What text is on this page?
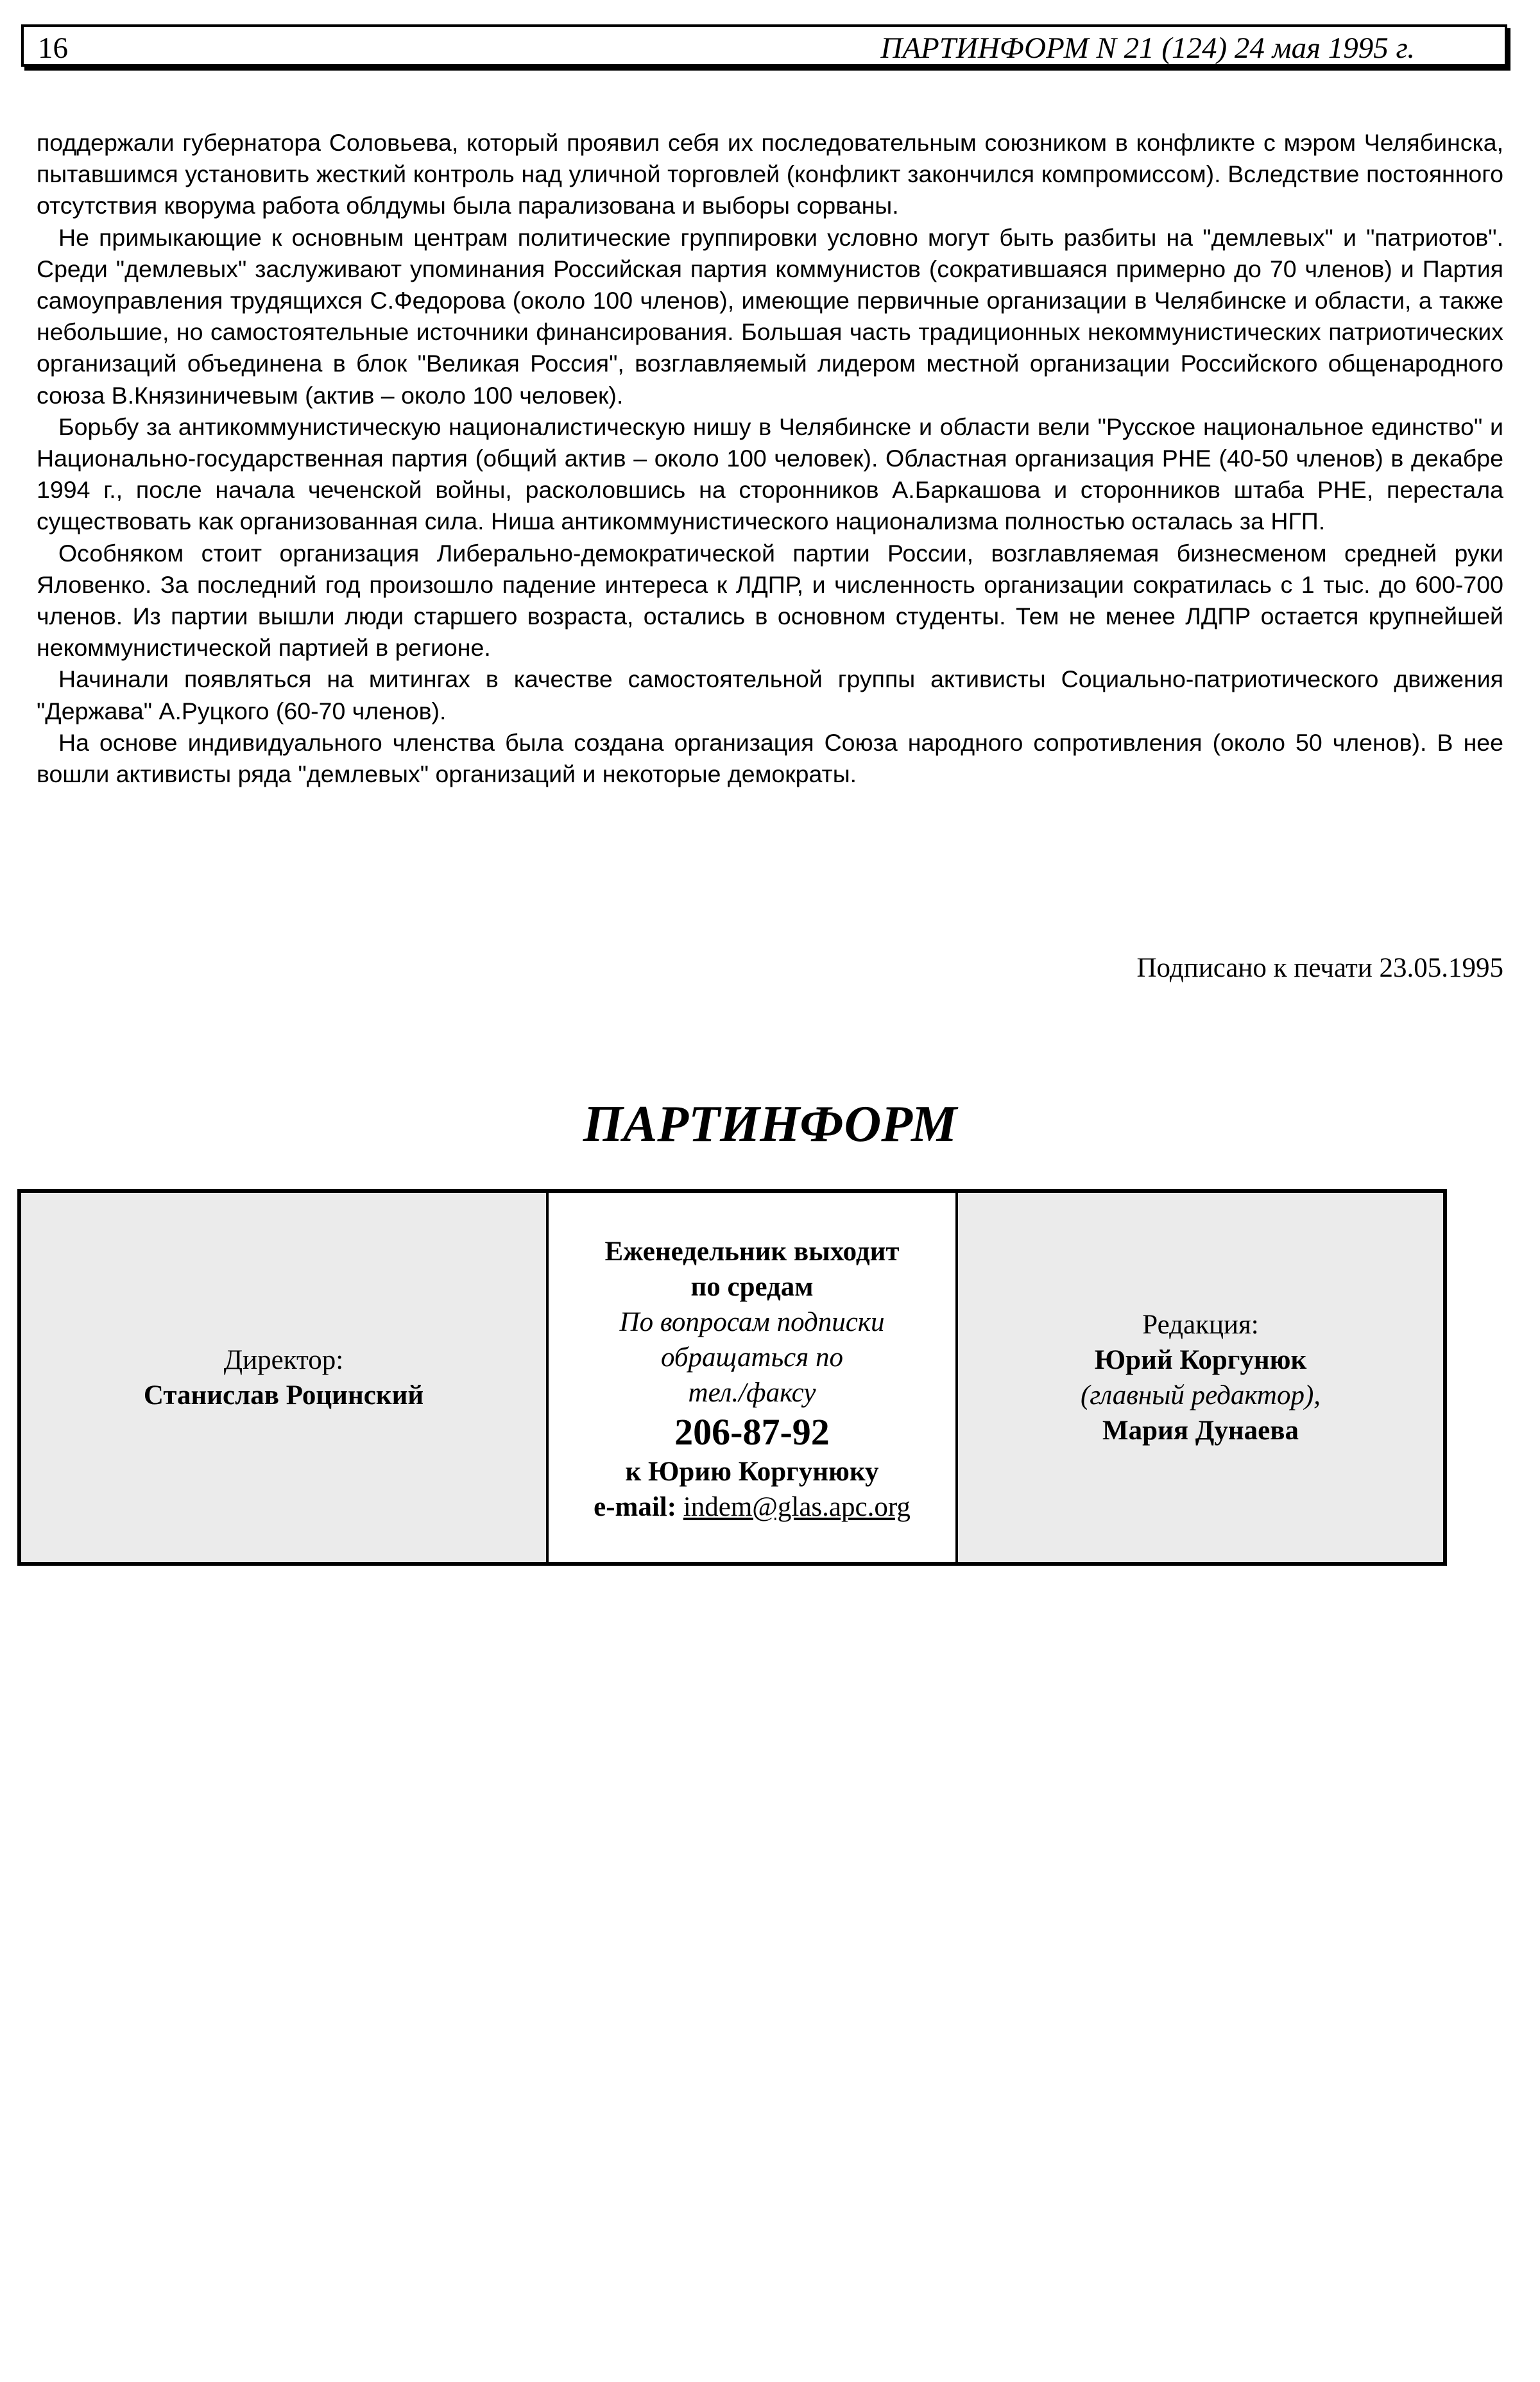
16	ПАРТИНФОРМ N 21 (124) 24 мая 1995 г.

поддержали губернатора Соловьева, который проявил себя их последовательным союзником в конфликте с мэром Челябинска, пытавшимся установить жесткий контроль над уличной торговлей (конфликт закончился компромиссом). Вследствие постоянного отсутствия кворума работа облдумы была парализована и выборы сорваны.

Не примыкающие к основным центрам политические группировки условно могут быть разбиты на "демлевых" и "патриотов". Среди "демлевых" заслуживают упоминания Российская партия коммунистов (сократившаяся примерно до 70 членов) и Партия самоуправления трудящихся С.Федорова (около 100 членов), имеющие первичные организации в Челябинске и области, а также небольшие, но самостоятельные источники финансирования. Большая часть традиционных некоммунистических патриотических организаций объединена в блок "Великая Россия", возглавляемый лидером местной организации Российского общенародного союза В.Князиничевым (актив – около 100 человек).

Борьбу за антикоммунистическую националистическую нишу в Челябинске и области вели "Русское национальное единство" и Национально-государственная партия (общий актив – около 100 человек). Областная организация РНЕ (40-50 членов) в декабре 1994 г., после начала чеченской войны, расколовшись на сторонников А.Баркашова и сторонников штаба РНЕ, перестала существовать как организованная сила. Ниша антикоммунистического национализма полностью осталась за НГП.

Особняком стоит организация Либерально-демократической партии России, возглавляемая бизнесменом средней руки Яловенко. За последний год произошло падение интереса к ЛДПР, и численность организации сократилась с 1 тыс. до 600-700 членов. Из партии вышли люди старшего возраста, остались в основном студенты. Тем не менее ЛДПР остается крупнейшей некоммунистической партией в регионе.

Начинали появляться на митингах в качестве самостоятельной группы активисты Социально-патриотического движения "Держава" А.Руцкого (60-70 членов).

На основе индивидуального членства была создана организация Союза народного сопротивления (около 50 членов). В нее вошли активисты ряда "демлевых" организаций и некоторые демократы.

Подписано к печати 23.05.1995
ПАРТИНФОРМ
Директор:
Станислав Роцинский
Еженедельник выходит
по средам
По вопросам подписки
обращаться по
тел./факсу
206-87-92
к Юрию Коргунюку
e-mail: indem@glas.apc.org
Редакция:
Юрий Коргунюк
(главный редактор),
Мария Дунаева
